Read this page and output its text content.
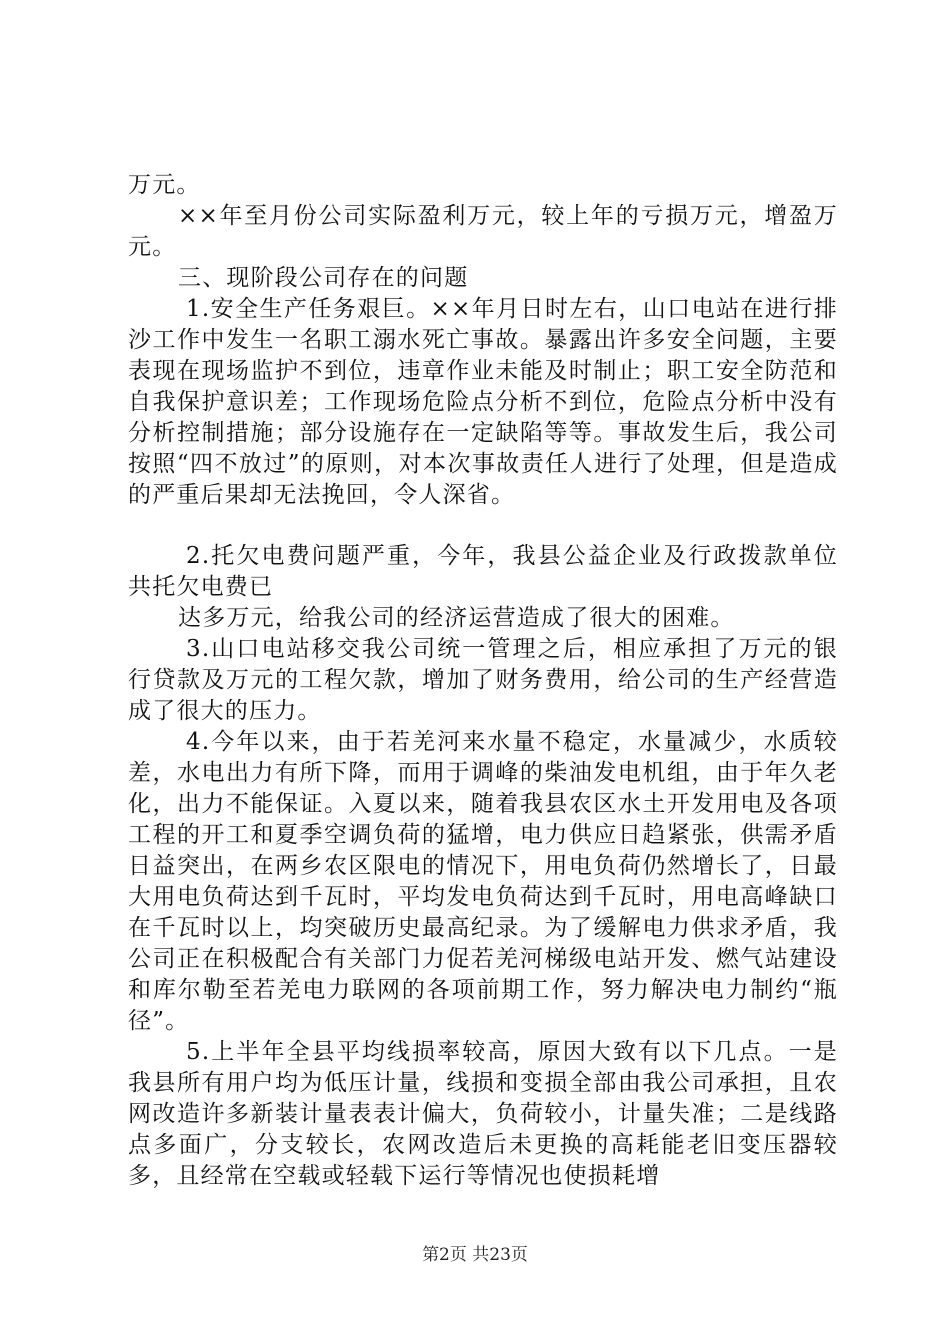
万元。

××年至月份公司实际盈利万元，较上年的亏损万元，增盈万元。

三、现阶段公司存在的问题

1.安全生产任务艰巨。××年月日时左右，山口电站在进行排沙工作中发生一名职工溺水死亡事故。暴露出许多安全问题，主要表现在现场监护不到位，违章作业未能及时制止；职工安全防范和自我保护意识差；工作现场危险点分析不到位，危险点分析中没有分析控制措施；部分设施存在一定缺陷等等。事故发生后，我公司按照“四不放过”的原则，对本次事故责任人进行了处理，但是造成的严重后果却无法挽回，令人深省。

2.托欠电费问题严重，今年，我县公益企业及行政拨款单位共托欠电费已

达多万元，给我公司的经济运营造成了很大的困难。

3.山口电站移交我公司统一管理之后，相应承担了万元的银行贷款及万元的工程欠款，增加了财务费用，给公司的生产经营造成了很大的压力。

4.今年以来，由于若羌河来水量不稳定，水量减少，水质较差，水电出力有所下降，而用于调峰的柴油发电机组，由于年久老化，出力不能保证。入夏以来，随着我县农区水土开发用电及各项工程的开工和夏季空调负荷的猛增，电力供应日趋紧张，供需矛盾日益突出，在两乡农区限电的情况下，用电负荷仍然增长了，日最大用电负荷达到千瓦时，平均发电负荷达到千瓦时，用电高峰缺口在千瓦时以上，均突破历史最高纪录。为了缓解电力供求矛盾，我公司正在积极配合有关部门力促若羌河梯级电站开发、燃气站建设和库尔勒至若羌电力联网的各项前期工作，努力解决电力制约“瓶径”。

5.上半年全县平均线损率较高，原因大致有以下几点。一是我县所有用户均为低压计量，线损和变损全部由我公司承担，且农网改造许多新装计量表表计偏大，负荷较小，计量失准；二是线路点多面广，分支较长，农网改造后未更换的高耗能老旧变压器较多，且经常在空载或轻载下运行等情况也使损耗增

第2页 共23页
